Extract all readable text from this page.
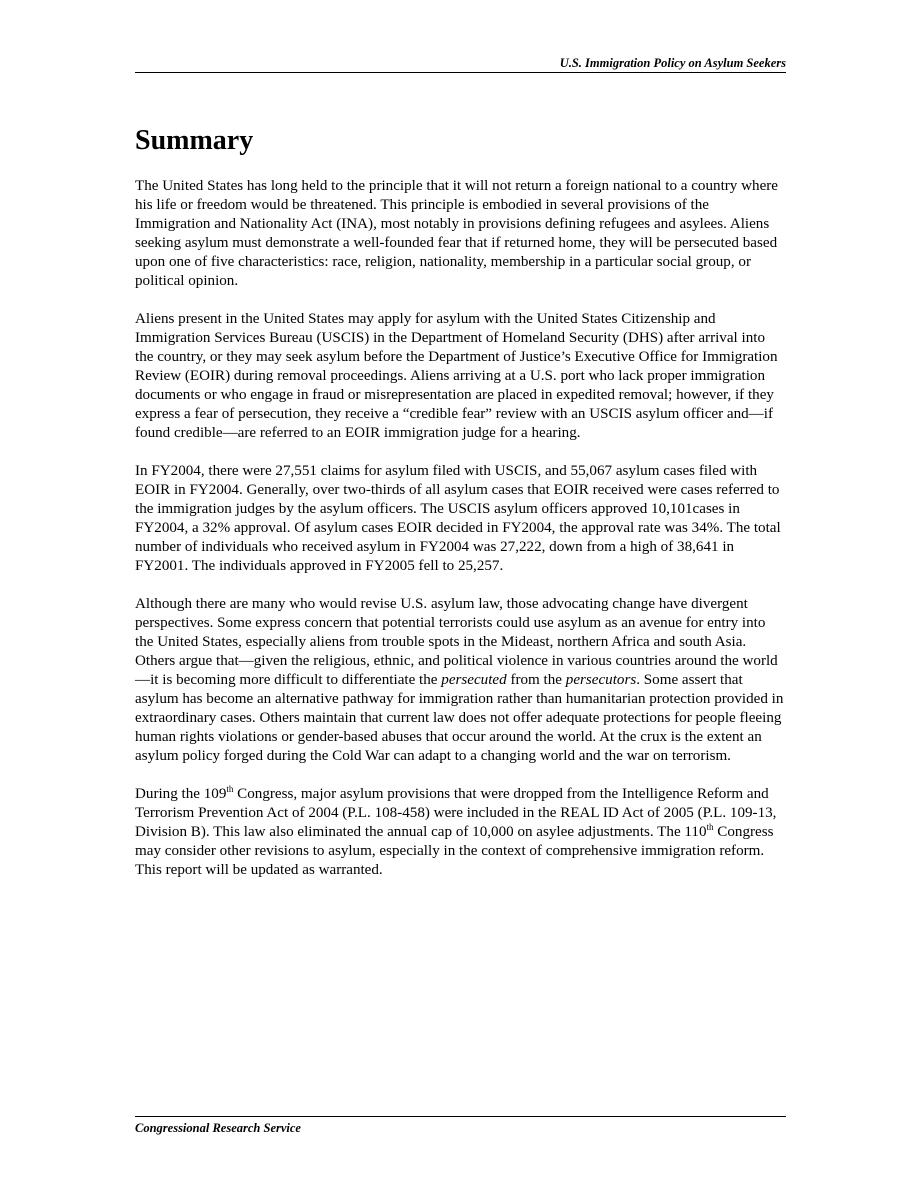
U.S. Immigration Policy on Asylum Seekers
Summary

The United States has long held to the principle that it will not return a foreign national to a country where his life or freedom would be threatened. This principle is embodied in several provisions of the Immigration and Nationality Act (INA), most notably in provisions defining refugees and asylees. Aliens seeking asylum must demonstrate a well-founded fear that if returned home, they will be persecuted based upon one of five characteristics: race, religion, nationality, membership in a particular social group, or political opinion.

Aliens present in the United States may apply for asylum with the United States Citizenship and Immigration Services Bureau (USCIS) in the Department of Homeland Security (DHS) after arrival into the country, or they may seek asylum before the Department of Justice’s Executive Office for Immigration Review (EOIR) during removal proceedings. Aliens arriving at a U.S. port who lack proper immigration documents or who engage in fraud or misrepresentation are placed in expedited removal; however, if they express a fear of persecution, they receive a “credible fear” review with an USCIS asylum officer and—if found credible—are referred to an EOIR immigration judge for a hearing.

In FY2004, there were 27,551 claims for asylum filed with USCIS, and 55,067 asylum cases filed with EOIR in FY2004. Generally, over two-thirds of all asylum cases that EOIR received were cases referred to the immigration judges by the asylum officers. The USCIS asylum officers approved 10,101cases in FY2004, a 32% approval. Of asylum cases EOIR decided in FY2004, the approval rate was 34%. The total number of individuals who received asylum in FY2004 was 27,222, down from a high of 38,641 in FY2001. The individuals approved in FY2005 fell to 25,257.

Although there are many who would revise U.S. asylum law, those advocating change have divergent perspectives. Some express concern that potential terrorists could use asylum as an avenue for entry into the United States, especially aliens from trouble spots in the Mideast, northern Africa and south Asia. Others argue that—given the religious, ethnic, and political violence in various countries around the world—it is becoming more difficult to differentiate the persecuted from the persecutors. Some assert that asylum has become an alternative pathway for immigration rather than humanitarian protection provided in extraordinary cases. Others maintain that current law does not offer adequate protections for people fleeing human rights violations or gender-based abuses that occur around the world. At the crux is the extent an asylum policy forged during the Cold War can adapt to a changing world and the war on terrorism.

During the 109th Congress, major asylum provisions that were dropped from the Intelligence Reform and Terrorism Prevention Act of 2004 (P.L. 108-458) were included in the REAL ID Act of 2005 (P.L. 109-13, Division B). This law also eliminated the annual cap of 10,000 on asylee adjustments. The 110th Congress may consider other revisions to asylum, especially in the context of comprehensive immigration reform. This report will be updated as warranted.

Congressional Research Service
